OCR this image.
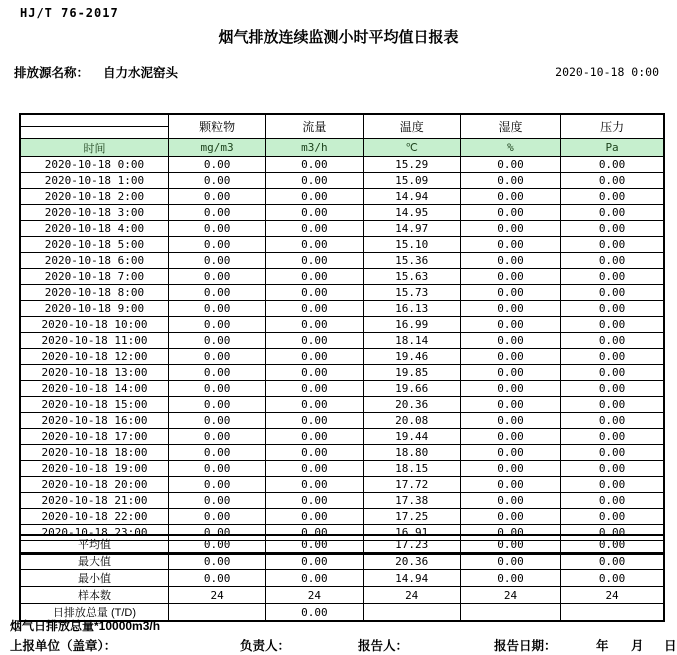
HJ/T 76-2017
烟气排放连续监测小时平均值日报表
排放源名称： 自力水泥窑头	2020-10-18 0:00
	颗粒物	流量	温度	湿度	压力
时间	mg/m3	m3/h	℃	%	Pa
2020-10-18 0:00	0.00	0.00	15.29	0.00	0.00
2020-10-18 1:00	0.00	0.00	15.09	0.00	0.00
2020-10-18 2:00	0.00	0.00	14.94	0.00	0.00
2020-10-18 3:00	0.00	0.00	14.95	0.00	0.00
2020-10-18 4:00	0.00	0.00	14.97	0.00	0.00
2020-10-18 5:00	0.00	0.00	15.10	0.00	0.00
2020-10-18 6:00	0.00	0.00	15.36	0.00	0.00
2020-10-18 7:00	0.00	0.00	15.63	0.00	0.00
2020-10-18 8:00	0.00	0.00	15.73	0.00	0.00
2020-10-18 9:00	0.00	0.00	16.13	0.00	0.00
2020-10-18 10:00	0.00	0.00	16.99	0.00	0.00
2020-10-18 11:00	0.00	0.00	18.14	0.00	0.00
2020-10-18 12:00	0.00	0.00	19.46	0.00	0.00
2020-10-18 13:00	0.00	0.00	19.85	0.00	0.00
2020-10-18 14:00	0.00	0.00	19.66	0.00	0.00
2020-10-18 15:00	0.00	0.00	20.36	0.00	0.00
2020-10-18 16:00	0.00	0.00	20.08	0.00	0.00
2020-10-18 17:00	0.00	0.00	19.44	0.00	0.00
2020-10-18 18:00	0.00	0.00	18.80	0.00	0.00
2020-10-18 19:00	0.00	0.00	18.15	0.00	0.00
2020-10-18 20:00	0.00	0.00	17.72	0.00	0.00
2020-10-18 21:00	0.00	0.00	17.38	0.00	0.00
2020-10-18 22:00	0.00	0.00	17.25	0.00	0.00
2020-10-18 23:00	0.00	0.00	16.91	0.00	0.00

平均值	0.00	0.00	17.23	0.00	0.00
最大值	0.00	0.00	20.36	0.00	0.00
最小值	0.00	0.00	14.94	0.00	0.00
样本数	24	24	24	24	24
日排放总量 (T/D)		0.00			
烟气日排放总量*10000m3/h
上报单位（盖章）：	负责人：	报告人：	报告日期：	年 月 日
